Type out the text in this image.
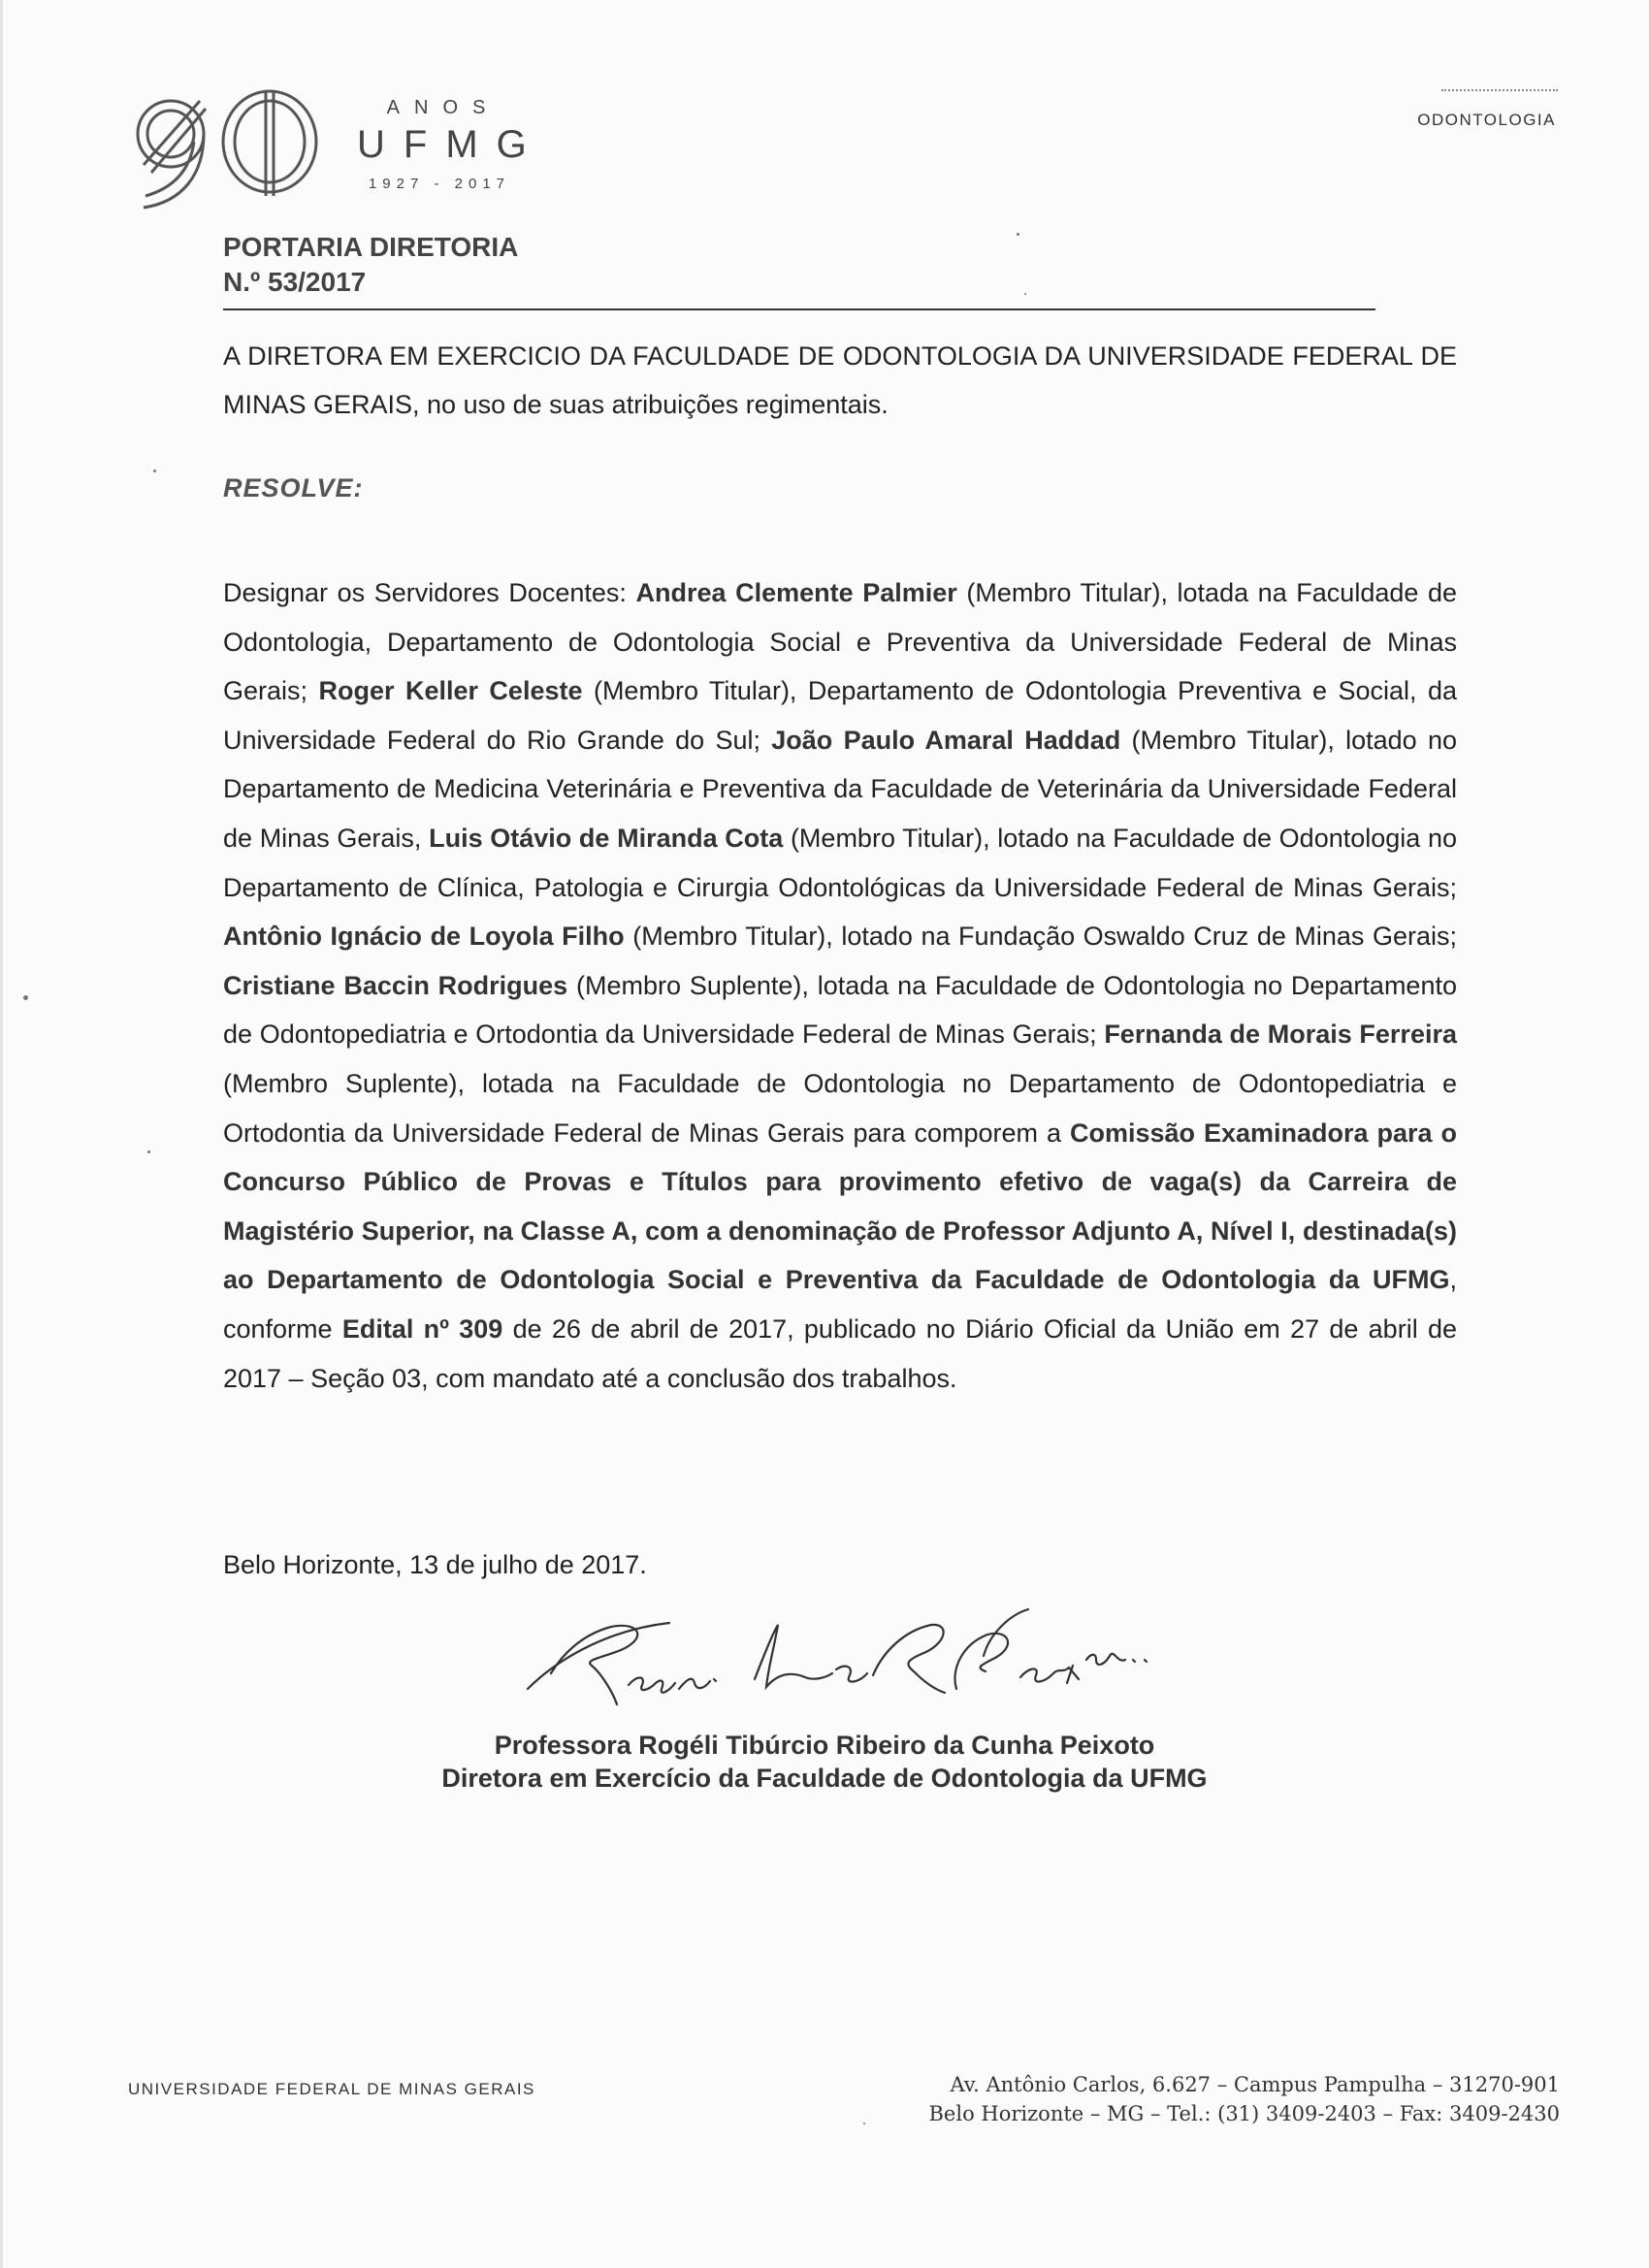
ANOS
UFMG
1927 - 2017
ODONTOLOGIA
PORTARIA DIRETORIA
N.º 53/2017
A DIRETORA EM EXERCICIO DA FACULDADE DE ODONTOLOGIA DA UNIVERSIDADE FEDERAL DE MINAS GERAIS, no uso de suas atribuições regimentais.
RESOLVE:
Designar os Servidores Docentes: Andrea Clemente Palmier (Membro Titular), lotada na Faculdade de Odontologia, Departamento de Odontologia Social e Preventiva da Universidade Federal de Minas Gerais; Roger Keller Celeste (Membro Titular), Departamento de Odontologia Preventiva e Social, da Universidade Federal do Rio Grande do Sul; João Paulo Amaral Haddad (Membro Titular), lotado no Departamento de Medicina Veterinária e Preventiva da Faculdade de Veterinária da Universidade Federal de Minas Gerais, Luis Otávio de Miranda Cota (Membro Titular), lotado na Faculdade de Odontologia no Departamento de Clínica, Patologia e Cirurgia Odontológicas da Universidade Federal de Minas Gerais; Antônio Ignácio de Loyola Filho (Membro Titular), lotado na Fundação Oswaldo Cruz de Minas Gerais; Cristiane Baccin Rodrigues (Membro Suplente), lotada na Faculdade de Odontologia no Departamento de Odontopediatria e Ortodontia da Universidade Federal de Minas Gerais; Fernanda de Morais Ferreira (Membro Suplente), lotada na Faculdade de Odontologia no Departamento de Odontopediatria e Ortodontia da Universidade Federal de Minas Gerais para comporem a Comissão Examinadora para o Concurso Público de Provas e Títulos para provimento efetivo de vaga(s) da Carreira de Magistério Superior, na Classe A, com a denominação de Professor Adjunto A, Nível I, destinada(s) ao Departamento de Odontologia Social e Preventiva da Faculdade de Odontologia da UFMG, conforme Edital nº 309 de 26 de abril de 2017, publicado no Diário Oficial da União em 27 de abril de 2017 – Seção 03, com mandato até a conclusão dos trabalhos.
Belo Horizonte, 13 de julho de 2017.
Professora Rogéli Tibúrcio Ribeiro da Cunha Peixoto
Diretora em Exercício da Faculdade de Odontologia da UFMG
UNIVERSIDADE FEDERAL DE MINAS GERAIS	Av. Antônio Carlos, 6.627 – Campus Pampulha – 31270-901
Belo Horizonte – MG – Tel.: (31) 3409-2403 – Fax: 3409-2430
